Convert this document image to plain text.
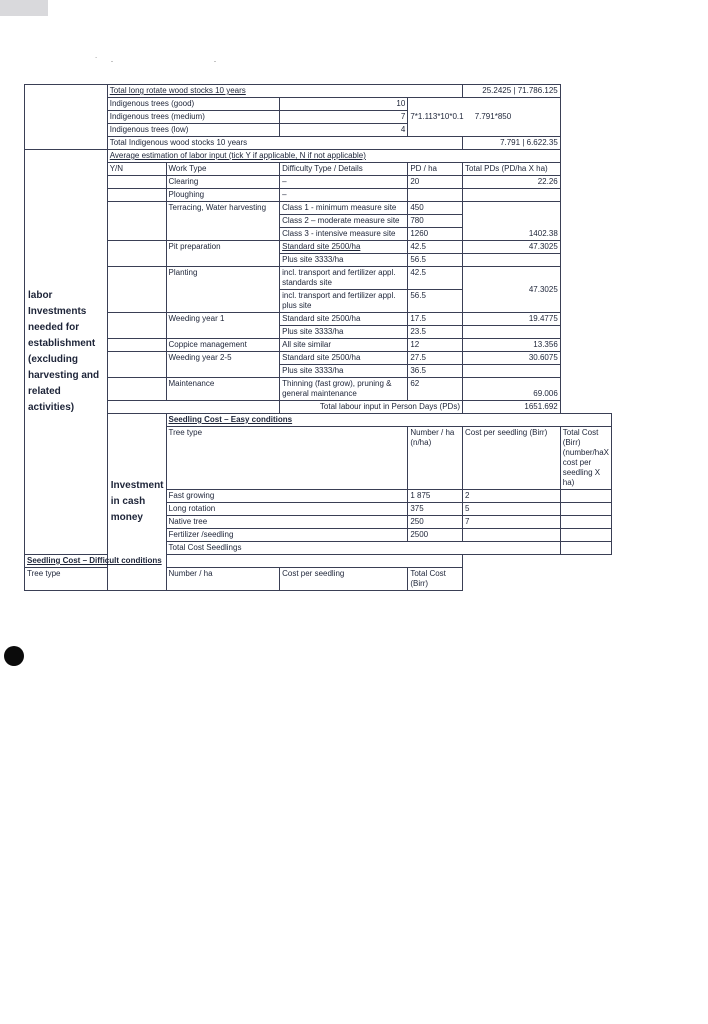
˙     ·                                        ·
	Total long rotate wood stocks 10 years				25.2425 | 71.786.125	
	Indigenous trees (good)		10	7*1.113*10*0.1 7.791*850		
	Indigenous trees (medium)		7			
	Indigenous trees (low)		4			
	Total Indigenous wood stocks 10 years				7.791 | 6.622.35	
labor Investments needed for establishment (excluding harvesting and related activities)	Average estimation of labor input (tick Y if applicable, N if not applicable)					
	Y/N	Work Type	Difficulty Type / Details	PD / ha	Total PDs (PD/ha X ha)	
		Clearing	–	20	22.26	
		Ploughing	–			
		Terracing, Water harvesting	Class 1 - minimum measure site	450	1402.38	
			Class 2 – moderate measure site	780		
			Class 3 - intensive measure site	1260		
		Pit preparation	Standard site 2500/ha	42.5	47.3025	
			Plus site 3333/ha	56.5		
		Planting	incl. transport and fertilizer appl. standards site	42.5	47.3025	
			incl. transport and fertilizer appl. plus site	56.5		
		Weeding year 1	Standard site 2500/ha	17.5	19.4775	
			Plus site 3333/ha	23.5		
		Coppice management	All site similar	12	13.356	
		Weeding year 2-5	Standard site 2500/ha	27.5	30.6075	
			Plus site 3333/ha	36.5		
		Maintenance	Thinning (fast grow), pruning & general maintenance	62	69.006	
			Total labour input in Person Days (PDs)		1651.692	
	Investment in cash money	Seedling Cost – Easy conditions				
		Tree type		Number / ha (n/ha)	Cost per seedling (Birr)	Total Cost (Birr) (number/haX cost per seedling X ha)
		Fast growing		1 875	2	
		Long rotation		375	5	
		Native tree		250	7	
		Fertilizer /seedling		2500		
		Total Cost Seedlings				
Seedling Cost – Difficult conditions						
Tree type		Number / ha	Cost per seedling	Total Cost (Birr)		
